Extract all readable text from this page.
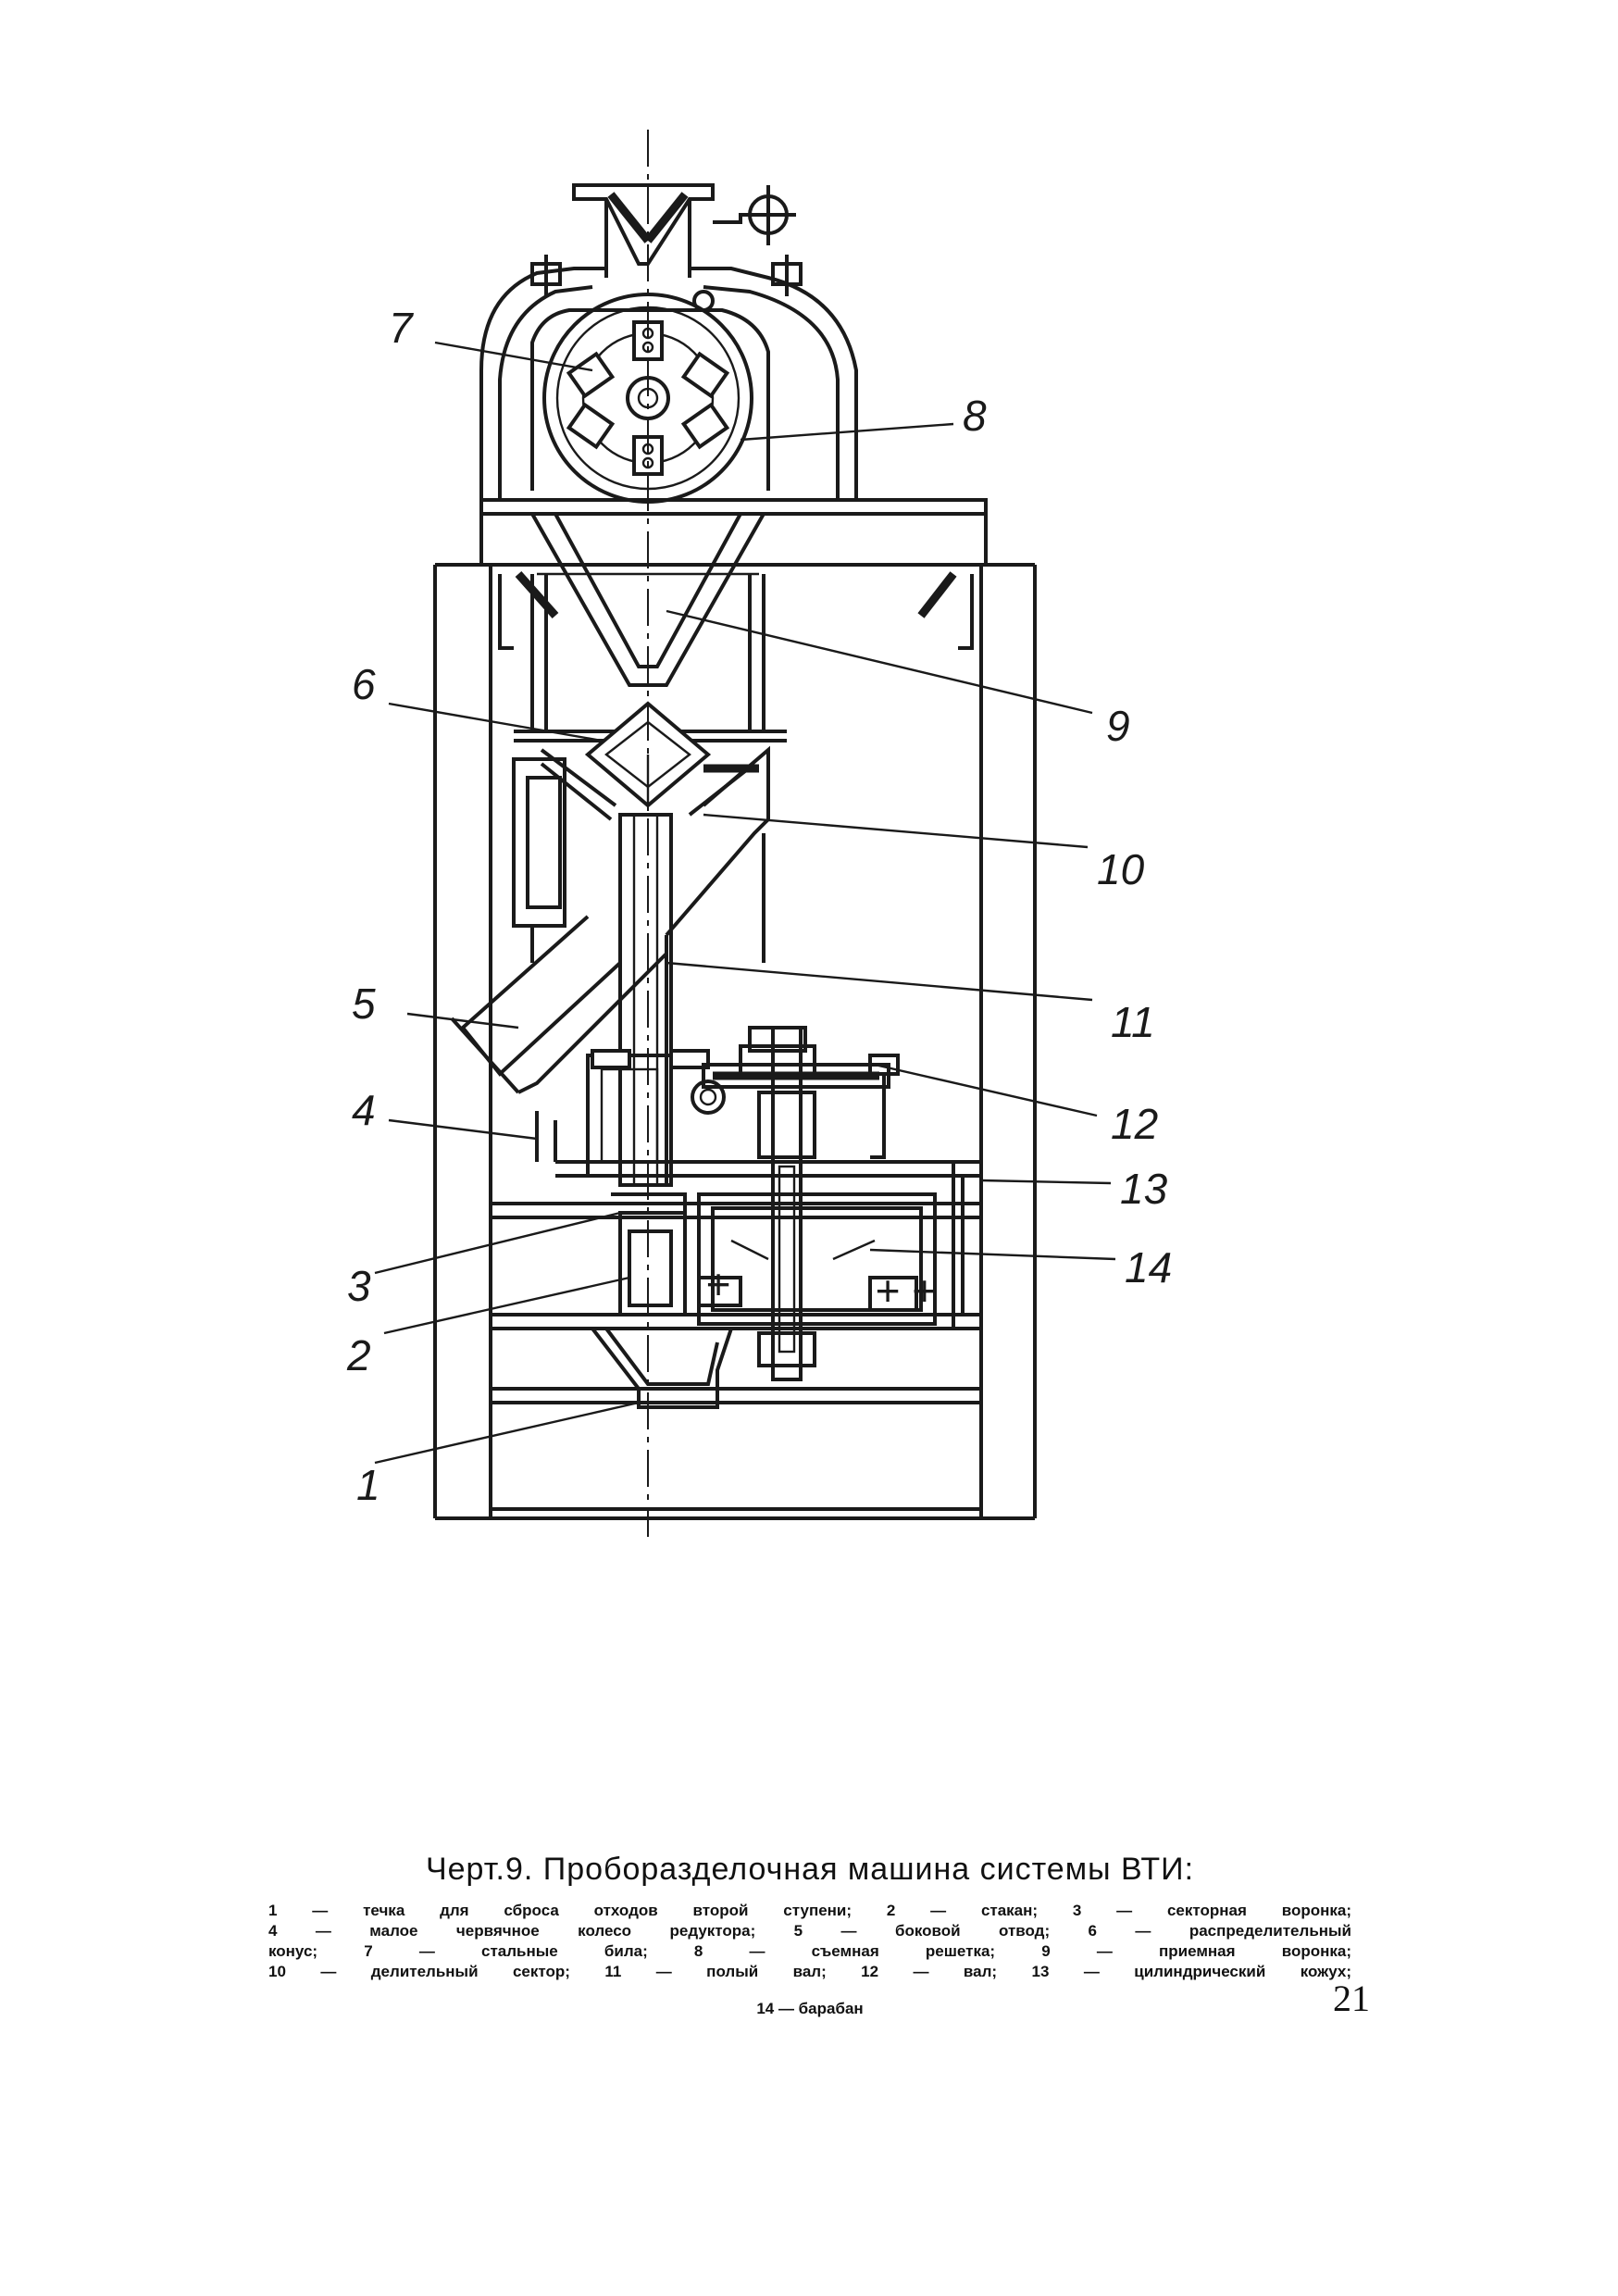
+ +
+
7
8
6
9
10
5	11
4	12
13
3	14
2
1

Черт.9. Проборазделочная машина системы ВТИ:

1 — течка для сброса отходов второй ступени; 2 — стакан; 3 — секторная воронка;

4 — малое червячное колесо редуктора; 5 — боковой отвод; 6 — распределительный

конус; 7 — стальные била; 8 — съемная решетка; 9 — приемная воронка;

10 — делительный сектор; 11 — полый вал; 12 — вал; 13 — цилиндрический кожух;

14 — барабан	21
